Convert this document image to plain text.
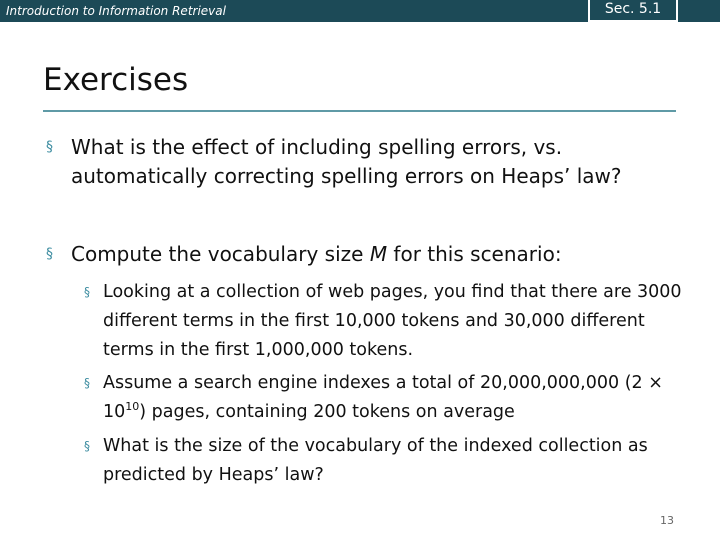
Introduction to Information Retrieval	Sec. 5.1
Exercises
§ What is the effect of including spelling errors, vs. automatically correcting spelling errors on Heaps’ law?
§ Compute the vocabulary size M for this scenario:
§ Looking at a collection of web pages, you find that there are 3000 different terms in the first 10,000 tokens and 30,000 different terms in the first 1,000,000 tokens.
§ Assume a search engine indexes a total of 20,000,000,000 $(2 \times 10^{10})$ pages, containing 200 tokens on average
§ What is the size of the vocabulary of the indexed collection as predicted by Heaps’ law?
13
